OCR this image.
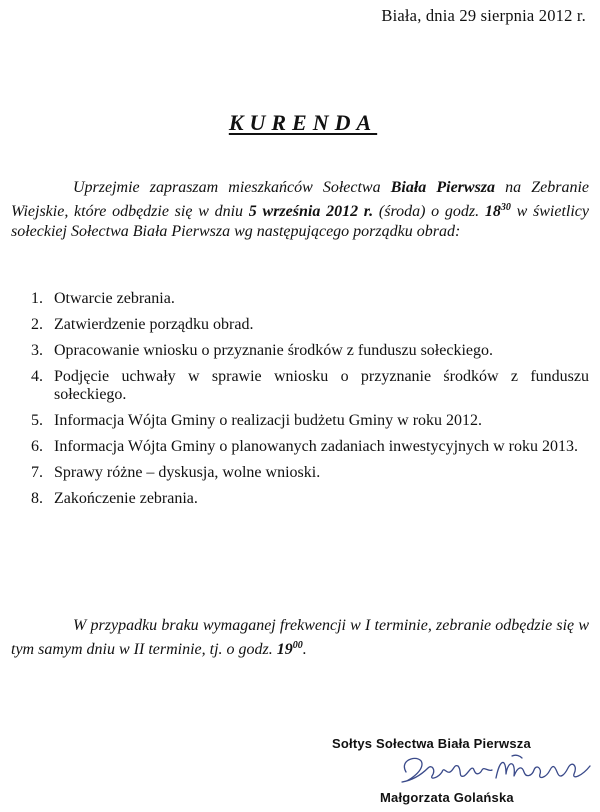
Biała, dnia 29 sierpnia 2012 r.
KURENDA

Uprzejmie zapraszam mieszkańców Sołectwa Biała Pierwsza na Zebranie Wiejskie, które odbędzie się w dniu 5 września 2012 r. (środa) o godz. $18^{30}$ w świetlicy sołeckiej Sołectwa Biała Pierwsza wg następującego porządku obrad:

1. Otwarcie zebrania.
2. Zatwierdzenie porządku obrad.
3. Opracowanie wniosku o przyznanie środków z funduszu sołeckiego.
4. Podjęcie uchwały w sprawie wniosku o przyznanie środków z funduszu sołeckiego.
5. Informacja Wójta Gminy o realizacji budżetu Gminy w roku 2012.
6. Informacja Wójta Gminy o planowanych zadaniach inwestycyjnych w roku 2013.
7. Sprawy różne – dyskusja, wolne wnioski.
8. Zakończenie zebrania.

W przypadku braku wymaganej frekwencji w I terminie, zebranie odbędzie się w tym samym dniu w II terminie, tj. o godz. $19^{00}$.

Sołtys Sołectwa Biała Pierwsza
Małgorzata Golańska
